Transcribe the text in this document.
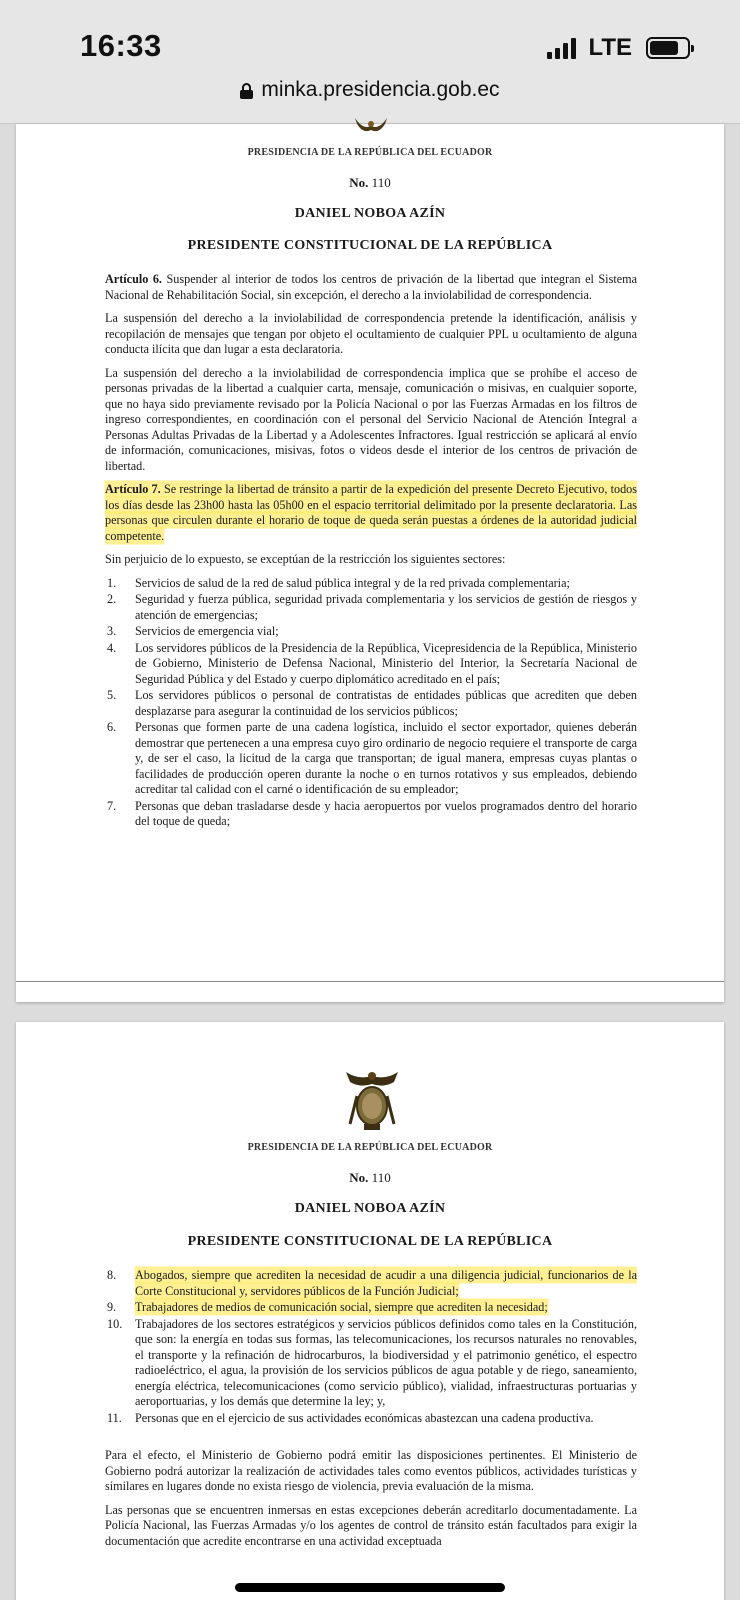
16:33	LTE
minka.presidencia.gob.ec
PRESIDENCIA DE LA REPÚBLICA DEL ECUADOR
No. 110
DANIEL NOBOA AZÍN
PRESIDENTE CONSTITUCIONAL DE LA REPÚBLICA

Artículo 6. Suspender al interior de todos los centros de privación de la libertad que integran el Sistema Nacional de Rehabilitación Social, sin excepción, el derecho a la inviolabilidad de correspondencia.

La suspensión del derecho a la inviolabilidad de correspondencia pretende la identificación, análisis y recopilación de mensajes que tengan por objeto el ocultamiento de cualquier PPL u ocultamiento de alguna conducta ilícita que dan lugar a esta declaratoria.

La suspensión del derecho a la inviolabilidad de correspondencia implica que se prohíbe el acceso de personas privadas de la libertad a cualquier carta, mensaje, comunicación o misivas, en cualquier soporte, que no haya sido previamente revisado por la Policía Nacional o por las Fuerzas Armadas en los filtros de ingreso correspondientes, en coordinación con el personal del Servicio Nacional de Atención Integral a Personas Adultas Privadas de la Libertad y a Adolescentes Infractores. Igual restricción se aplicará al envío de información, comunicaciones, misivas, fotos o videos desde el interior de los centros de privación de libertad.

Artículo 7. Se restringe la libertad de tránsito a partir de la expedición del presente Decreto Ejecutivo, todos los días desde las 23h00 hasta las 05h00 en el espacio territorial delimitado por la presente declaratoria. Las personas que circulen durante el horario de toque de queda serán puestas a órdenes de la autoridad judicial competente.

Sin perjuicio de lo expuesto, se exceptúan de la restricción los siguientes sectores:

1.	Servicios de salud de la red de salud pública integral y de la red privada complementaria;
2.	Seguridad y fuerza pública, seguridad privada complementaria y los servicios de gestión de riesgos y atención de emergencias;
3.	Servicios de emergencia vial;
4.	Los servidores públicos de la Presidencia de la República, Vicepresidencia de la República, Ministerio de Gobierno, Ministerio de Defensa Nacional, Ministerio del Interior, la Secretaría Nacional de Seguridad Pública y del Estado y cuerpo diplomático acreditado en el país;
5.	Los servidores públicos o personal de contratistas de entidades públicas que acrediten que deben desplazarse para asegurar la continuidad de los servicios públicos;
6.	Personas que formen parte de una cadena logística, incluido el sector exportador, quienes deberán demostrar que pertenecen a una empresa cuyo giro ordinario de negocio requiere el transporte de carga y, de ser el caso, la licitud de la carga que transportan; de igual manera, empresas cuyas plantas o facilidades de producción operen durante la noche o en turnos rotativos y sus empleados, debiendo acreditar tal calidad con el carné o identificación de su empleador;
7.	Personas que deban trasladarse desde y hacia aeropuertos por vuelos programados dentro del horario del toque de queda;
PRESIDENCIA DE LA REPÚBLICA DEL ECUADOR
No. 110
DANIEL NOBOA AZÍN
PRESIDENTE CONSTITUCIONAL DE LA REPÚBLICA
8.	Abogados, siempre que acrediten la necesidad de acudir a una diligencia judicial, funcionarios de la Corte Constitucional y, servidores públicos de la Función Judicial;
9.	Trabajadores de medios de comunicación social, siempre que acrediten la necesidad;
10.	Trabajadores de los sectores estratégicos y servicios públicos definidos como tales en la Constitución, que son: la energía en todas sus formas, las telecomunicaciones, los recursos naturales no renovables, el transporte y la refinación de hidrocarburos, la biodiversidad y el patrimonio genético, el espectro radioeléctrico, el agua, la provisión de los servicios públicos de agua potable y de riego, saneamiento, energía eléctrica, telecomunicaciones (como servicio público), vialidad, infraestructuras portuarias y aeroportuarias, y los demás que determine la ley; y,
11.	Personas que en el ejercicio de sus actividades económicas abastezcan una cadena productiva.

Para el efecto, el Ministerio de Gobierno podrá emitir las disposiciones pertinentes. El Ministerio de Gobierno podrá autorizar la realización de actividades tales como eventos públicos, actividades turísticas y similares en lugares donde no exista riesgo de violencia, previa evaluación de la misma.

Las personas que se encuentren inmersas en estas excepciones deberán acreditarlo documentadamente. La Policía Nacional, las Fuerzas Armadas y/o los agentes de control de tránsito están facultados para exigir la documentación que acredite encontrarse en una actividad exceptuada
